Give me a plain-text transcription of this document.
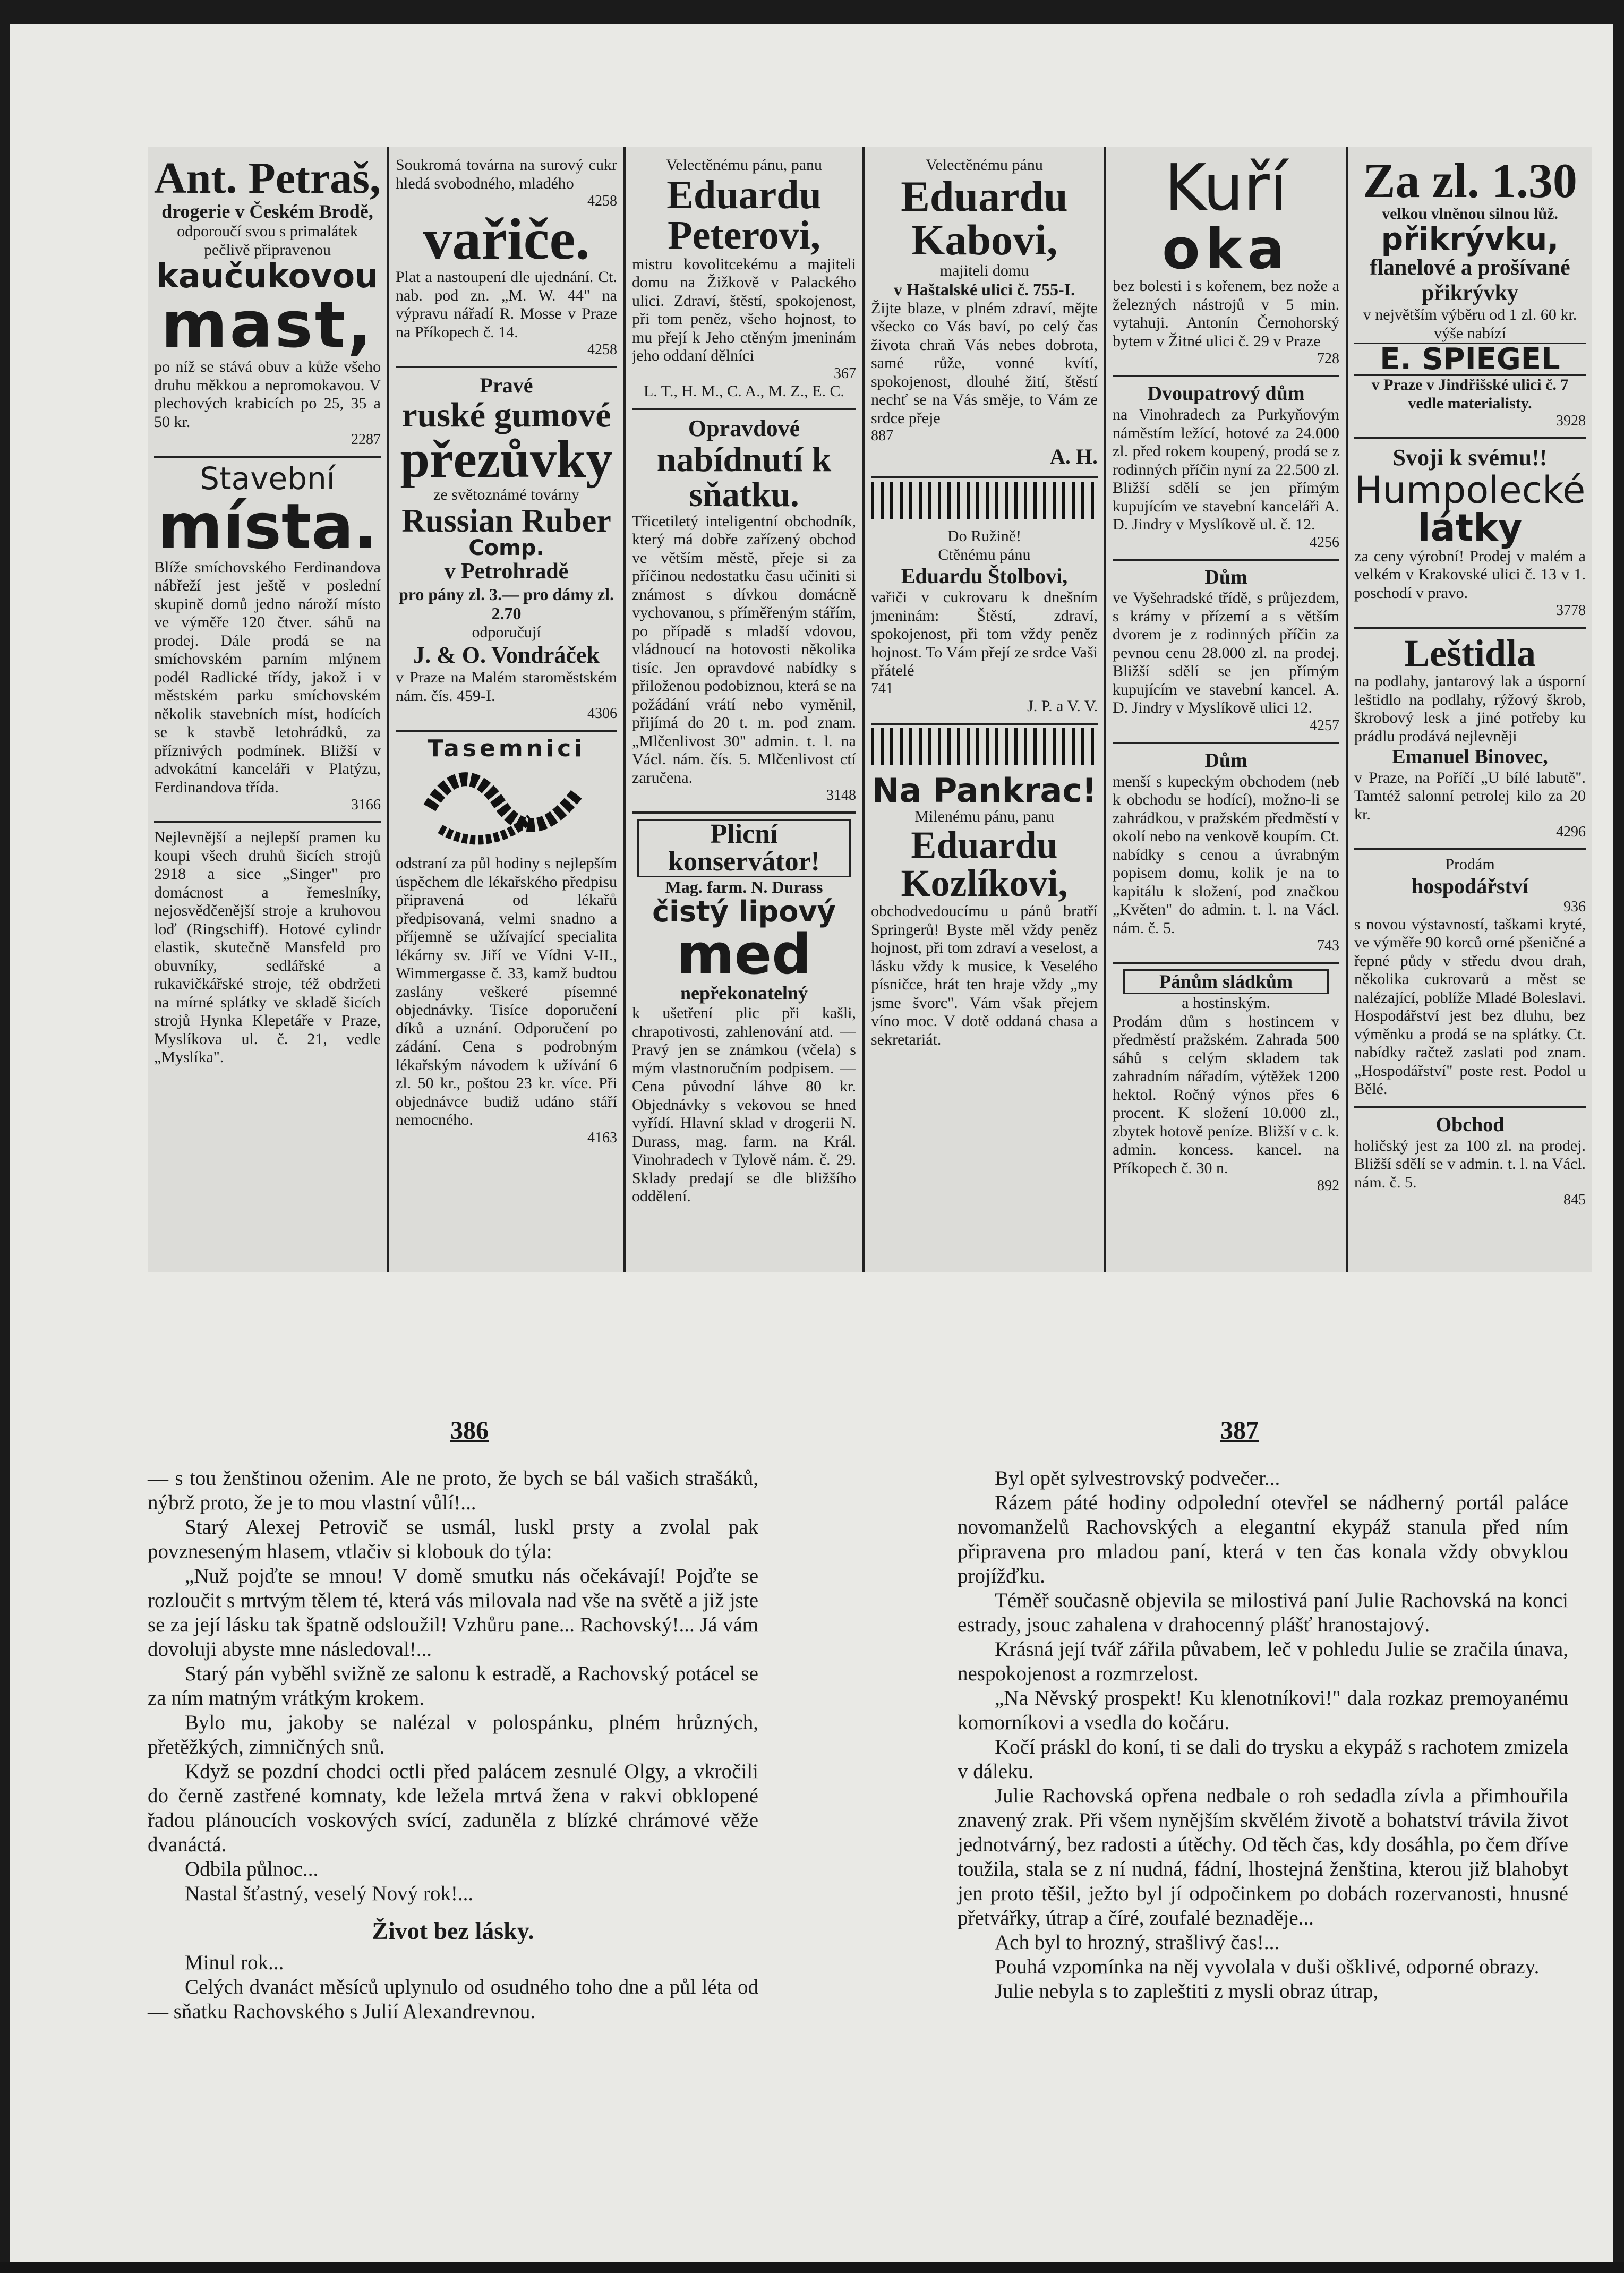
Ant. Petraš,
drogerie v Českém Brodě,
odporoučí svou s primalátek pečlivě připravenou
kaučukovou
mast,
po níž se stává obuv a kůže všeho druhu měkkou a nepromokavou. V plechových krabicích po 25, 35 a 50 kr.
2287
Stavební
místa.
Blíže smíchovského Ferdinandova nábřeží jest ještě v poslední skupině domů jedno nároží místo ve výměře 120 čtver. sáhů na prodej. Dále prodá se na smíchovském parním mlýnem podél Radlické třídy, jakož i v městském parku smíchovském několik stavebních míst, hodících se k stavbě letohrádků, za příznivých podmínek. Bližší v advokátní kanceláři v Platýzu, Ferdinandova třída.
3166
Nejlevnější a nejlepší pramen ku koupi všech druhů šicích strojů 2918 a sice „Singer" pro domácnost a řemeslníky, nejosvědčenější stroje a kruhovou loď (Ringschiff). Hotové cylindr elastik, skutečně Mansfeld pro obuvníky, sedlářské a rukavičkářské stroje, též obdržeti na mírné splátky ve skladě šicích strojů Hynka Klepetáře v Praze, Myslíkova ul. č. 21, vedle „Myslíka".
Soukromá továrna na surový cukr hledá svobodného, mladého
4258
vařiče.
Plat a nastoupení dle ujednání. Ct. nab. pod zn. „M. W. 44" na výpravu nářadí R. Mosse v Praze na Příkopech č. 14.
4258
Pravé
ruské gumové
přezůvky
ze světoznámé továrny
Russian Ruber
Comp.
v Petrohradě
pro pány zl. 3.— pro dámy zl. 2.70
odporučují
J. & O. Vondráček
v Praze na Malém staroměstském nám. čís. 459-I.
4306
Tasemnici
odstraní za půl hodiny s nejlepším úspěchem dle lékařského předpisu připravená od lékařů předpisovaná, velmi snadno a příjemně se užívající specialita lékárny sv. Jiří ve Vídni V-II., Wimmergasse č. 33, kamž budtou zaslány veškeré písemné objednávky. Tisíce doporučení díků a uznání. Odporučení po zádání. Cena s podrobným lékařským návodem k užívání 6 zl. 50 kr., poštou 23 kr. více. Při objednávce budiž udáno stáří nemocného.
4163
Velectěnému pánu, panu
Eduardu Peterovi,
mistru kovolitcekému a majiteli domu na Žižkově v Palackého ulici. Zdraví, štěstí, spokojenost, při tom peněz, všeho hojnost, to mu přejí k Jeho ctěným jmeninám jeho oddaní dělníci
367
L. T., H. M., C. A., M. Z., E. C.
Opravdové
nabídnutí k sňatku.
Třicetiletý inteligentní obchodník, který má dobře zařízený obchod ve větším městě, přeje si za příčinou nedostatku času učiniti si známost s dívkou domácně vychovanou, s příměřeným stářím, po případě s mladší vdovou, vládnoucí na hotovosti několika tisíc. Jen opravdové nabídky s přiloženou podobiznou, která se na požádání vrátí nebo vyměnil, přijímá do 20 t. m. pod znam. „Mlčenlivost 30" admin. t. l. na Václ. nám. čís. 5. Mlčenlivost ctí zaručena.
3148
Plicní konservátor!
Mag. farm. N. Durass
čistý lipový
med
nepřekonatelný
k ušetření plic při kašli, chrapotivosti, zahlenování atd. — Pravý jen se známkou (včela) s mým vlastnoručním podpisem. — Cena původní láhve 80 kr. Objednávky s vekovou se hned vyřídí. Hlavní sklad v drogerii N. Durass, mag. farm. na Král. Vinohradech v Tylově nám. č. 29. Sklady predají se dle bližšího oddělení.
Velectěnému pánu
Eduardu Kabovi,
majiteli domu
v Haštalské ulici č. 755-I.
Žijte blaze, v plném zdraví, mějte všecko co Vás baví, po celý čas života chraň Vás nebes dobrota, samé růže, vonné kvítí, spokojenost, dlouhé žití, štěstí nechť se na Vás směje, to Vám ze srdce přeje
887
A. H.
Do Ružině!
Ctěnému pánu
Eduardu Štolbovi,
vařiči v cukrovaru k dnešním jmeninám: Štěstí, zdraví, spokojenost, při tom vždy peněz hojnost. To Vám přejí ze srdce Vaši přátelé
741
J. P. a V. V.
Na Pankrac!
Milenému pánu, panu
Eduardu Kozlíkovi,
obchodvedoucímu u pánů bratří Springerů! Byste měl vždy peněz hojnost, při tom zdraví a veselost, a lásku vždy k musice, k Veselého písničce, hrát ten hraje vždy „my jsme švorc". Vám však přejem víno moc. V dotě oddaná chasa a sekretariát.
Kuří
oka
bez bolesti i s kořenem, bez nože a železných nástrojů v 5 min. vytahuji. Antonín Černohorský bytem v Žitné ulici č. 29 v Praze
728
Dvoupatrový dům
na Vinohradech za Purkyňovým náměstím ležící, hotové za 24.000 zl. před rokem koupený, prodá se z rodinných příčin nyní za 22.500 zl. Bližší sdělí se jen přímým kupujícím ve stavební kanceláři A. D. Jindry v Myslíkově ul. č. 12.
4256
Dům
ve Vyšehradské třídě, s průjezdem, s krámy v přízemí a s větším dvorem je z rodinných příčin za pevnou cenu 28.000 zl. na prodej. Bližší sdělí se jen přímým kupujícím ve stavební kancel. A. D. Jindry v Myslíkově ulici 12.
4257
Dům
menší s kupeckým obchodem (neb k obchodu se hodící), možno-li se zahrádkou, v pražském předměstí v okolí nebo na venkově koupím. Ct. nabídky s cenou a úvrabným popisem domu, kolik je na to kapitálu k složení, pod značkou „Květen" do admin. t. l. na Václ. nám. č. 5.
743
Pánům sládkům
a hostinským.
Prodám dům s hostincem v předměstí pražském. Zahrada 500 sáhů s celým skladem tak zahradním nářadím, výtěžek 1200 hektol. Ročný výnos přes 6 procent. K složení 10.000 zl., zbytek hotově peníze. Bližší v c. k. admin. koncess. kancel. na Příkopech č. 30 n.
892
Za zl. 1.30
velkou vlněnou silnou lůž.
přikrývku,
flanelové a prošívané přikrývky
v největším výběru od 1 zl. 60 kr. výše nabízí
E. SPIEGEL
v Praze v Jindřišské ulici č. 7 vedle materialisty.
3928
Svoji k svému!!
Humpolecké
látky
za ceny výrobní! Prodej v malém a velkém v Krakovské ulici č. 13 v 1. poschodí v pravo.
3778
Leštidla
na podlahy, jantarový lak a úsporní leštidlo na podlahy, rýžový škrob, škrobový lesk a jiné potřeby ku prádlu prodává nejlevněji
Emanuel Binovec,
v Praze, na Poříčí „U bílé labutě". Tamtéž salonní petrolej kilo za 20 kr.
4296
Prodám
hospodářství
936
s novou výstavností, taškami kryté, ve výměře 90 korců orné pšeničné a řepné půdy v středu dvou drah, několika cukrovarů a měst se nalézající, poblíže Mladé Boleslavi. Hospodářství jest bez dluhu, bez výměnku a prodá se na splátky. Ct. nabídky račtež zaslati pod znam. „Hospodářství" poste rest. Podol u Bělé.
Obchod
holičský jest za 100 zl. na prodej. Bližší sdělí se v admin. t. l. na Václ. nám. č. 5.
845
386	387

— s tou ženštinou oženim. Ale ne proto, že bych se bál vašich strašáků, nýbrž proto, že je to mou vlastní vůlí!...

Starý Alexej Petrovič se usmál, luskl prsty a zvolal pak povzneseným hlasem, vtlačiv si klobouk do týla:

„Nuž pojďte se mnou! V domě smutku nás očekávají! Pojďte se rozloučit s mrtvým tělem té, která vás milovala nad vše na světě a již jste se za její lásku tak špatně odsloužil! Vzhůru pane... Rachovský!... Já vám dovoluji abyste mne následoval!...

Starý pán vyběhl svižně ze salonu k estradě, a Rachovský potácel se za ním matným vrátkým krokem.

Bylo mu, jakoby se nalézal v polospánku, plném hrůzných, přetěžkých, zimničných snů.

Když se pozdní chodci octli před palácem zesnulé Olgy, a vkročili do černě zastřené komnaty, kde ležela mrtvá žena v rakvi obklopené řadou plánoucích voskových svící, zaduněla z blízké chrámové věže dvanáctá.

Odbila půlnoc...

Nastal šťastný, veselý Nový rok!...

Život bez lásky.

Minul rok...

Celých dvanáct měsíců uplynulo od osudného toho dne a půl léta od — sňatku Rachovského s Julií Alexandrevnou.

Byl opět sylvestrovský podvečer...

Rázem páté hodiny odpolední otevřel se nádherný portál paláce novomanželů Rachovských a elegantní ekypáž stanula před ním připravena pro mladou paní, která v ten čas konala vždy obvyklou projížďku.

Téměř současně objevila se milostivá paní Julie Rachovská na konci estrady, jsouc zahalena v drahocenný plášť hranostajový.

Krásná její tvář zářila půvabem, leč v pohledu Julie se zračila únava, nespokojenost a rozmrzelost.

„Na Něvský prospekt! Ku klenotníkovi!" dala rozkaz premoyanému komorníkovi a vsedla do kočáru.

Kočí práskl do koní, ti se dali do trysku a ekypáž s rachotem zmizela v dáleku.

Julie Rachovská opřena nedbale o roh sedadla zívla a přimhouřila znavený zrak. Při všem nynějším skvělém životě a bohatství trávila život jednotvárný, bez radosti a útěchy. Od těch čas, kdy dosáhla, po čem dříve toužila, stala se z ní nudná, fádní, lhostejná ženština, kterou již blahobyt jen proto těšil, ježto byl jí odpočinkem po dobách rozervanosti, hnusné přetvářky, útrap a číré, zoufalé beznaděje...

Ach byl to hrozný, strašlivý čas!...

Pouhá vzpomínka na něj vyvolala v duši ošklivé, odporné obrazy.

Julie nebyla s to zapleštiti z mysli obraz útrap,
